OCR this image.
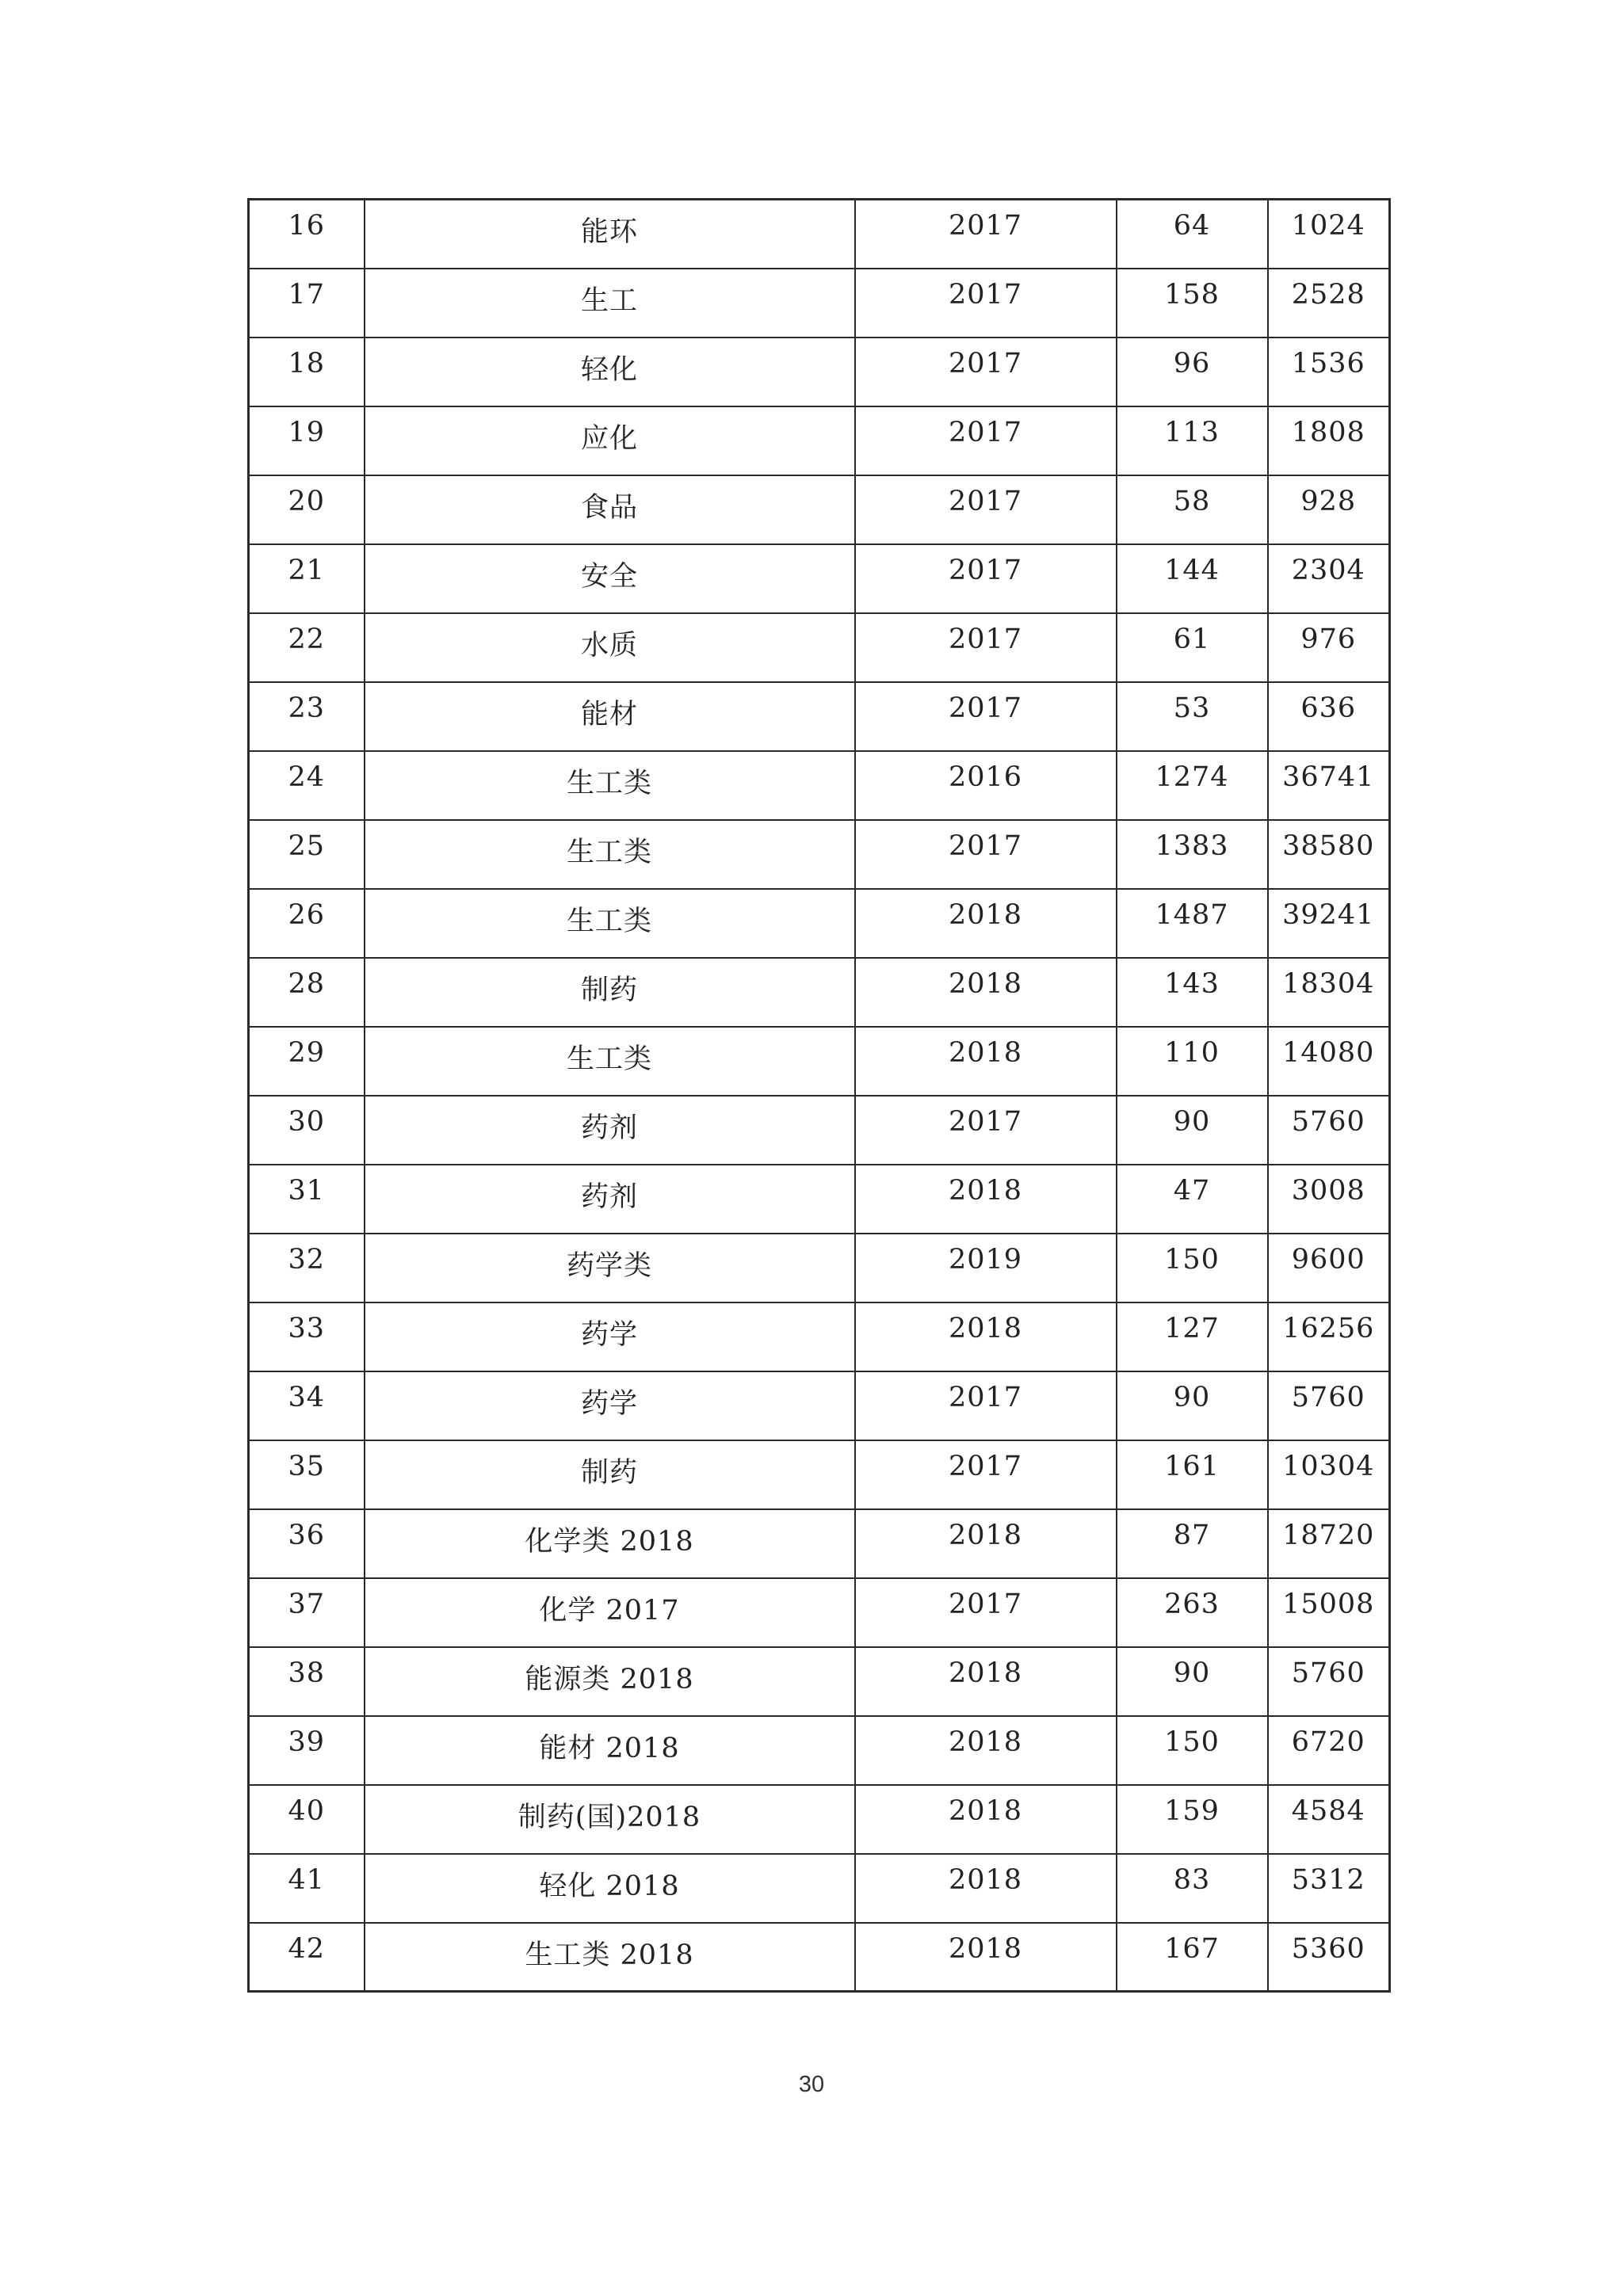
16	能环	2017	64	1024
17	生工	2017	158	2528
18	轻化	2017	96	1536
19	应化	2017	113	1808
20	食品	2017	58	928
21	安全	2017	144	2304
22	水质	2017	61	976
23	能材	2017	53	636
24	生工类	2016	1274	36741
25	生工类	2017	1383	38580
26	生工类	2018	1487	39241
28	制药	2018	143	18304
29	生工类	2018	110	14080
30	药剂	2017	90	5760
31	药剂	2018	47	3008
32	药学类	2019	150	9600
33	药学	2018	127	16256
34	药学	2017	90	5760
35	制药	2017	161	10304
36	化学类 2018	2018	87	18720
37	化学 2017	2017	263	15008
38	能源类 2018	2018	90	5760
39	能材 2018	2018	150	6720
40	制药(国)2018	2018	159	4584
41	轻化 2018	2018	83	5312
42	生工类 2018	2018	167	5360
30
